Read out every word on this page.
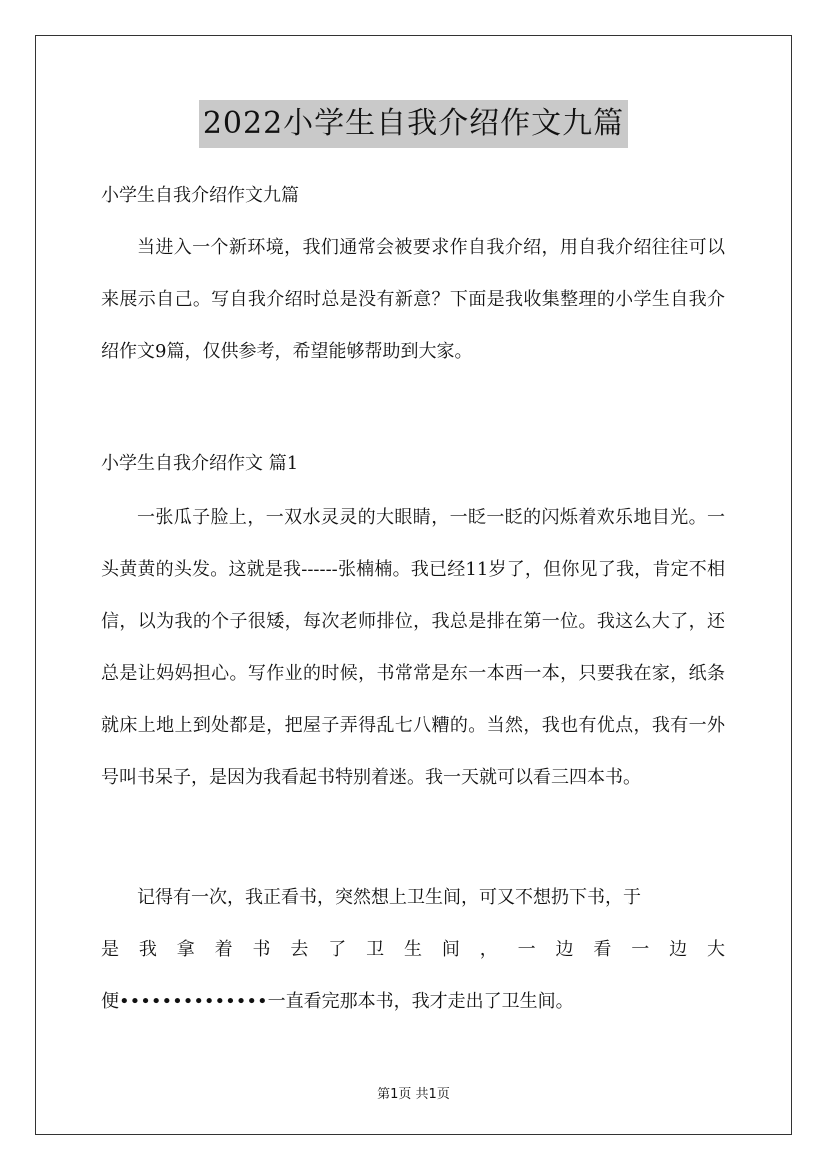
2022小学生自我介绍作文九篇
小学生自我介绍作文九篇
当进入一个新环境，我们通常会被要求作自我介绍，用自我介绍往往可以来展示自己。写自我介绍时总是没有新意？下面是我收集整理的小学生自我介绍作文9篇，仅供参考，希望能够帮助到大家。
小学生自我介绍作文 篇1
一张瓜子脸上，一双水灵灵的大眼睛，一眨一眨的闪烁着欢乐地目光。一头黄黄的头发。这就是我------张楠楠。我已经11岁了，但你见了我，肯定不相信，以为我的个子很矮，每次老师排位，我总是排在第一位。我这么大了，还总是让妈妈担心。写作业的时候，书常常是东一本西一本，只要我在家，纸条就床上地上到处都是，把屋子弄得乱七八糟的。当然，我也有优点，我有一外号叫书呆子，是因为我看起书特别着迷。我一天就可以看三四本书。
记得有一次，我正看书，突然想上卫生间，可又不想扔下书，于
是我拿着书去了卫生间，一边看一边大
便••••••••••••••一直看完那本书，我才走出了卫生间。
第1页 共1页
